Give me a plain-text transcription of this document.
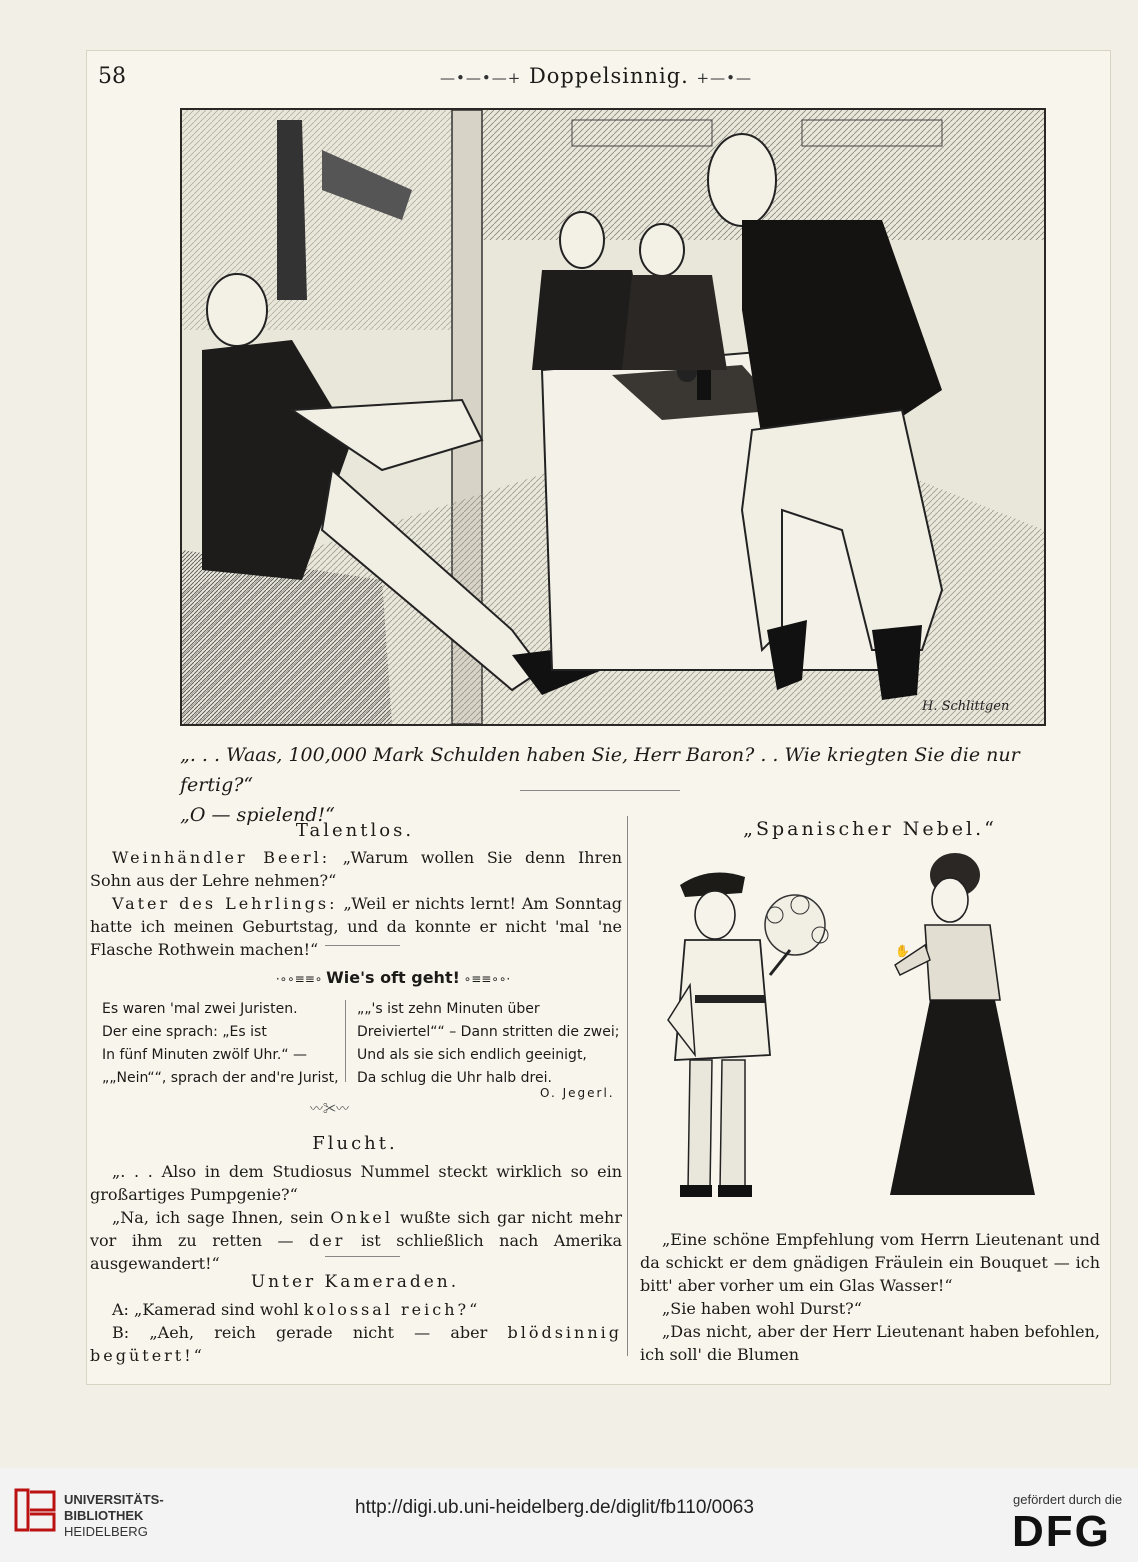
58	—•—•—+ Doppelsinnig. +—•—
H. Schlittgen
„. . . Waas, 100,000 Mark Schulden haben Sie, Herr Baron? . . Wie kriegten Sie die nur fertig?“
„O — spielend!“
Talentlos.

Weinhändler Beerl: „Warum wollen Sie denn Ihren Sohn aus der Lehre nehmen?“

Vater des Lehrlings: „Weil er nichts lernt! Am Sonntag hatte ich meinen Geburtstag, und da konnte er nicht 'mal 'ne Flasche Rothwein machen!“

·∘∘≡≡∘ Wie's oft geht! ∘≡≡∘∘·
Es waren 'mal zwei Juristen.
Der eine sprach: „Es ist
In fünf Minuten zwölf Uhr.“ —
„„Nein““, sprach der and're Jurist,
„„'s ist zehn Minuten über
Dreiviertel““ – Dann stritten die zwei;
Und als sie sich endlich geeinigt,
Da schlug die Uhr halb drei.
O. Jegerl.
〰✂〰
Flucht.

„. . . Also in dem Studiosus Nummel steckt wirklich so ein großartiges Pumpgenie?“

„Na, ich sage Ihnen, sein Onkel wußte sich gar nicht mehr vor ihm zu retten — der ist schließlich nach Amerika ausgewandert!“

Unter Kameraden.

A: „Kamerad sind wohl kolossal reich?“

B: „Aeh, reich gerade nicht — aber blödsinnig begütert!“

„Spanischer Nebel.“
✋

„Eine schöne Empfehlung vom Herrn Lieutenant und da schickt er dem gnädigen Fräulein ein Bouquet — ich bitt' aber vorher um ein Glas Wasser!“

„Sie haben wohl Durst?“

„Das nicht, aber der Herr Lieutenant haben befohlen, ich soll' die Blumen

UNIVERSITÄTS-
BIBLIOTHEK
HEIDELBERG
http://digi.ub.uni-heidelberg.de/diglit/fb110/0063	gefördert durch die
DFG
